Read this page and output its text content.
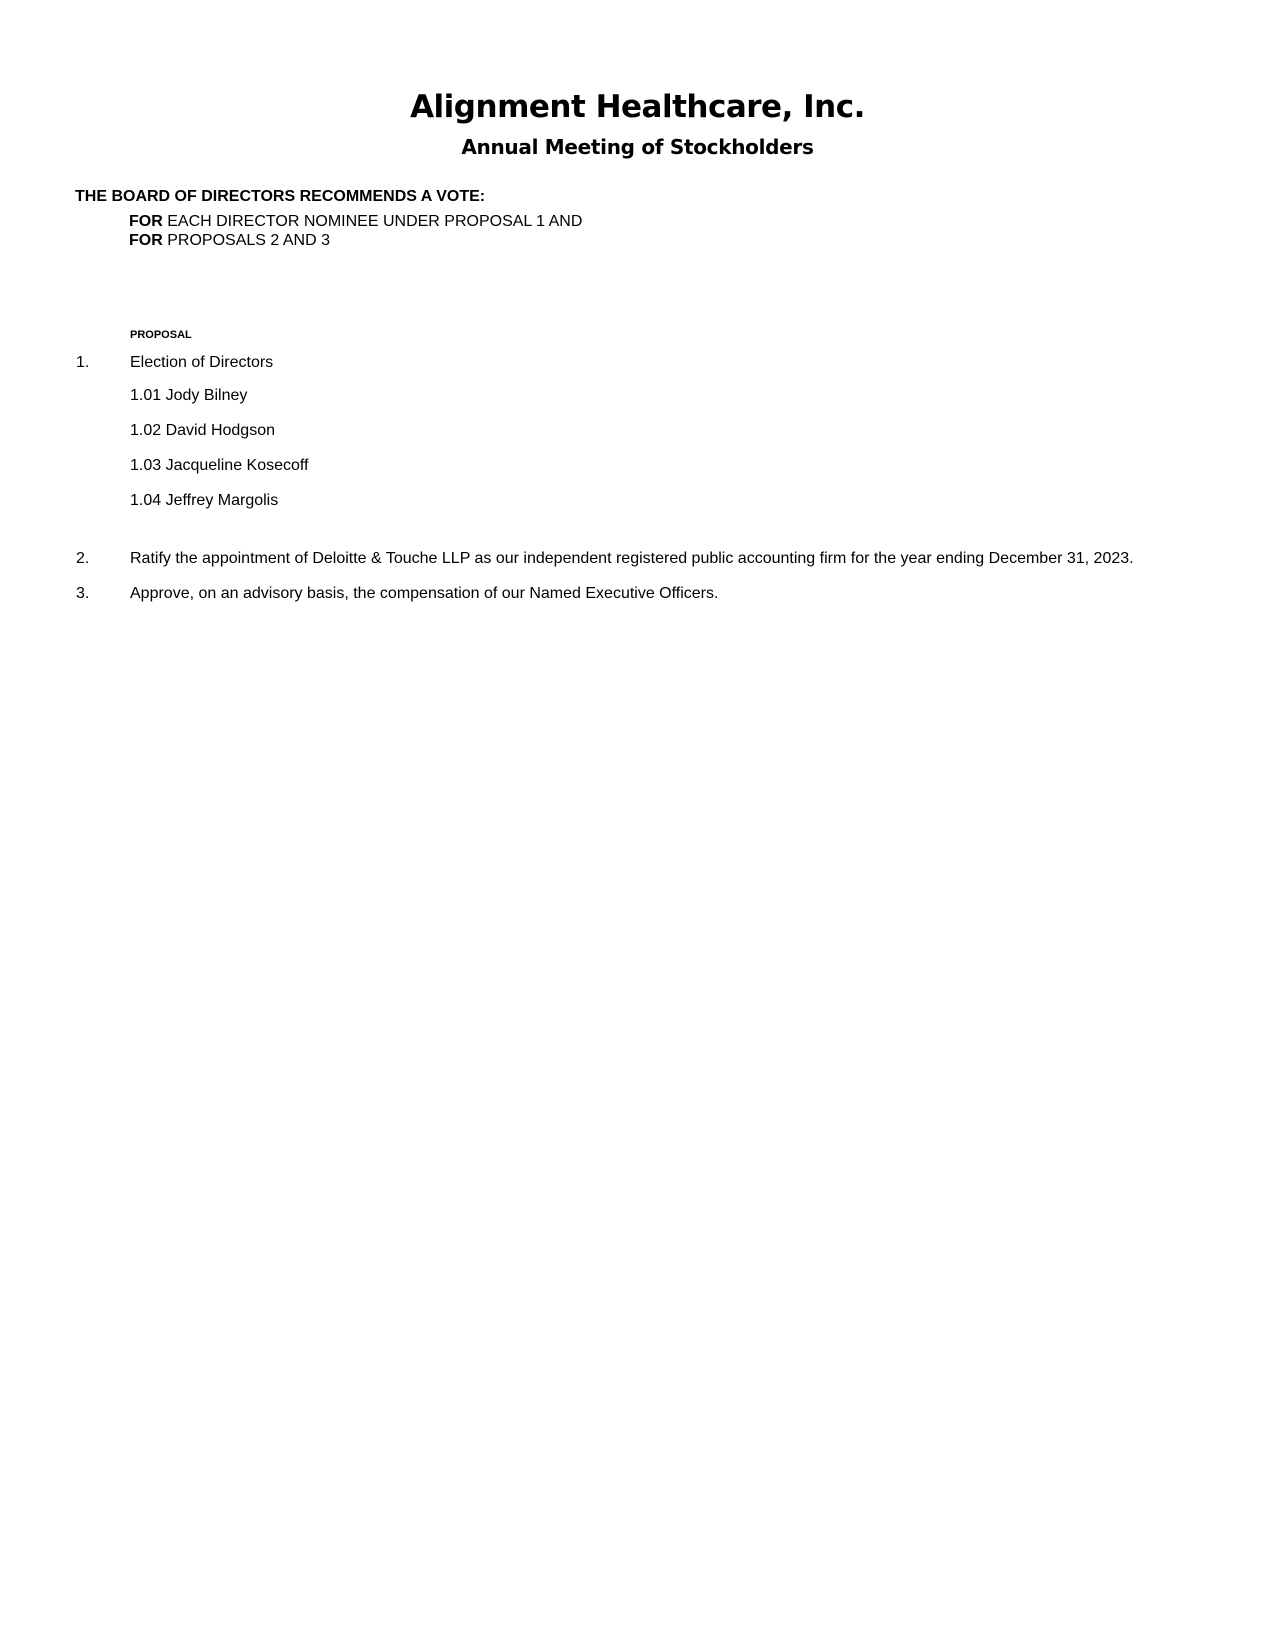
Alignment Healthcare, Inc.
Annual Meeting of Stockholders
THE BOARD OF DIRECTORS RECOMMENDS A VOTE:
FOR EACH DIRECTOR NOMINEE UNDER PROPOSAL 1 AND
FOR PROPOSALS 2 AND 3
PROPOSAL
1.	Election of Directors
1.01 Jody Bilney
1.02 David Hodgson
1.03 Jacqueline Kosecoff
1.04 Jeffrey Margolis
2.	Ratify the appointment of Deloitte & Touche LLP as our independent registered public accounting firm for the year ending December 31, 2023.
3.	Approve, on an advisory basis, the compensation of our Named Executive Officers.
